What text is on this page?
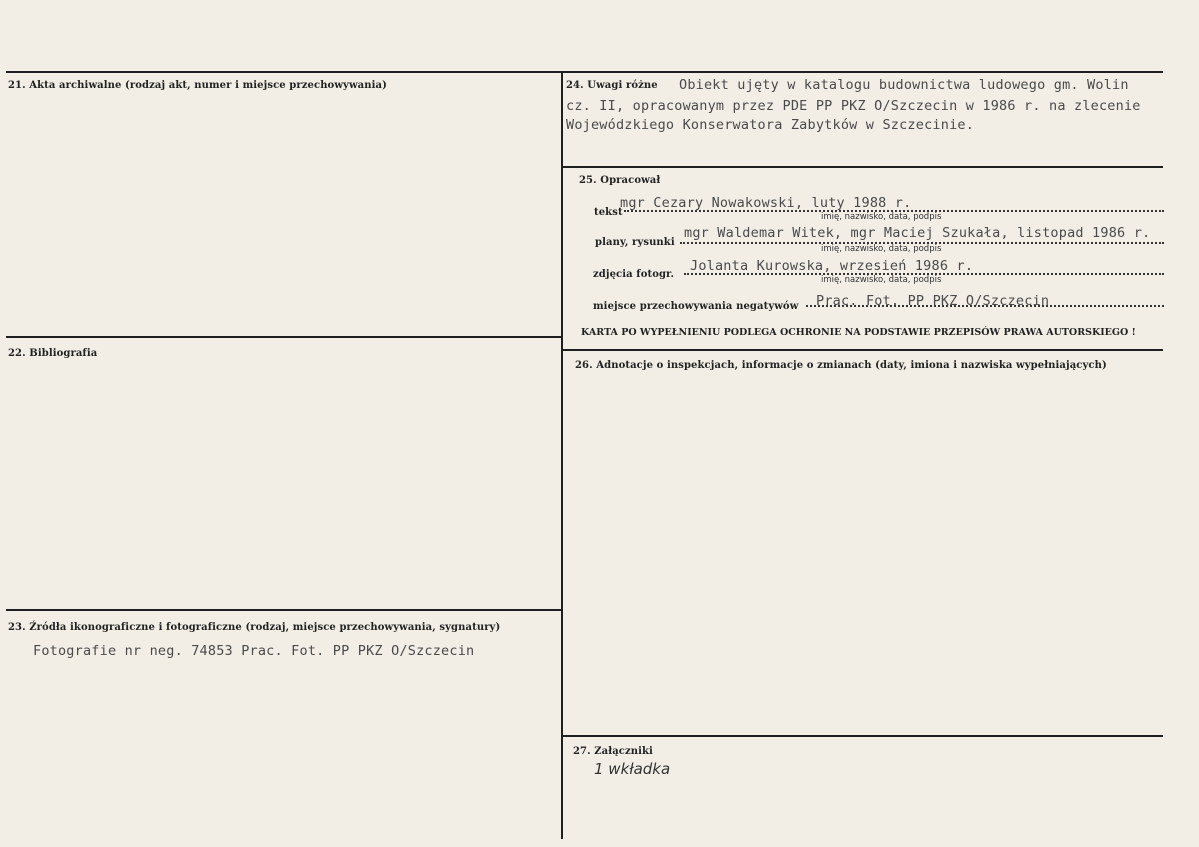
21. Akta archiwalne (rodzaj akt, numer i miejsce przechowywania)
22. Bibliografia
23. Źródła ikonograficzne i fotograficzne (rodzaj, miejsce przechowywania, sygnatury)
Fotografie nr neg. 74853 Prac. Fot. PP PKZ O/Szczecin
24. Uwagi różne Obiekt ujęty w katalogu budownictwa ludowego gm. Wolin
cz. II, opracowanym przez PDE PP PKZ O/Szczecin w 1986 r. na zlecenie
Wojewódzkiego Konserwatora Zabytków w Szczecinie.
25. Opracował
tekst
mgr Cezary Nowakowski, luty 1988 r.
imię, nazwisko, data, podpis
plany, rysunki
mgr Waldemar Witek, mgr Maciej Szukała, listopad 1986 r.
imię, nazwisko, data, podpis
zdjęcia fotogr.
Jolanta Kurowska, wrzesień 1986 r.
imię, nazwisko, data, podpis
miejsce przechowywania negatywów Prac. Fot. PP PKZ O/Szczecin
KARTA PO WYPEŁNIENIU PODLEGA OCHRONIE NA PODSTAWIE PRZEPISÓW PRAWA AUTORSKIEGO !
26. Adnotacje o inspekcjach, informacje o zmianach (daty, imiona i nazwiska wypełniających)
27. Załączniki
1 wkładka
